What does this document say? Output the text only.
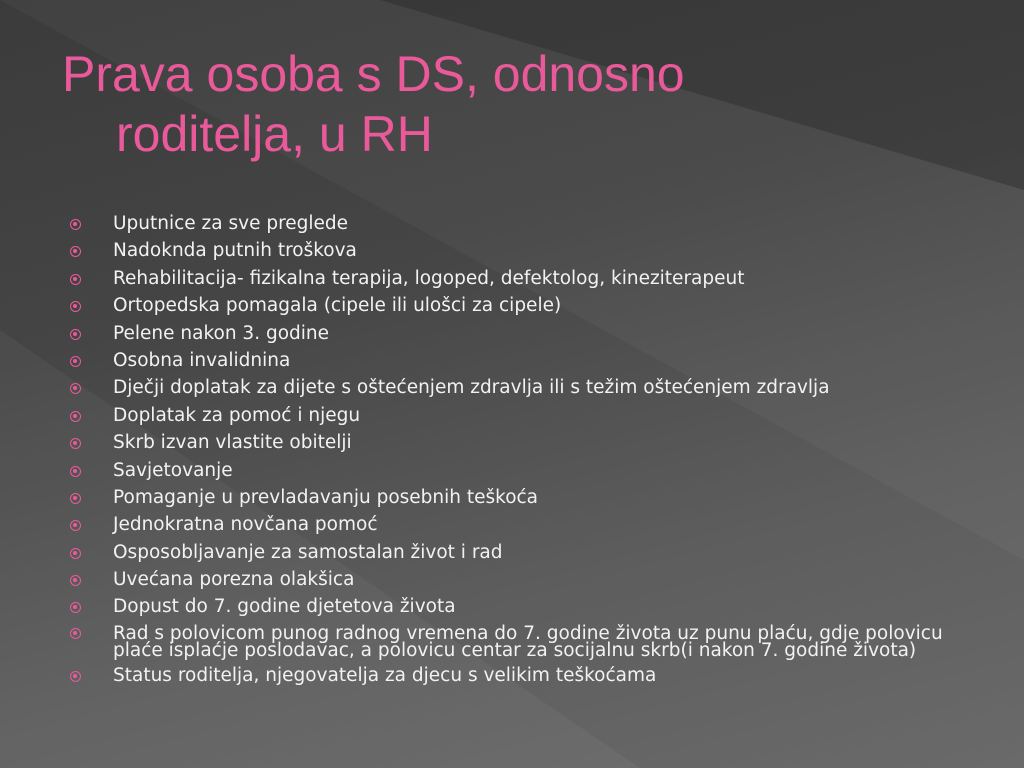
Prava osoba s DS, odnosno
roditelja, u RH
Uputnice za sve preglede
Nadoknda putnih troškova
Rehabilitacija- fizikalna terapija, logoped, defektolog, kineziterapeut
Ortopedska pomagala (cipele ili ulošci za cipele)
Pelene nakon 3. godine
Osobna invalidnina
Dječji doplatak za dijete s oštećenjem zdravlja ili s težim oštećenjem zdravlja
Doplatak za pomoć i njegu
Skrb izvan vlastite obitelji
Savjetovanje
Pomaganje u prevladavanju posebnih teškoća
Jednokratna novčana pomoć
Osposobljavanje za samostalan život i rad
Uvećana porezna olakšica
Dopust do 7. godine djetetova života
Rad s polovicom punog radnog vremena do 7. godine života uz punu plaću, gdje polovicu plaće isplaćje poslodavac, a polovicu centar za socijalnu skrb(i nakon 7. godine života)
Status roditelja, njegovatelja za djecu s velikim teškoćama
